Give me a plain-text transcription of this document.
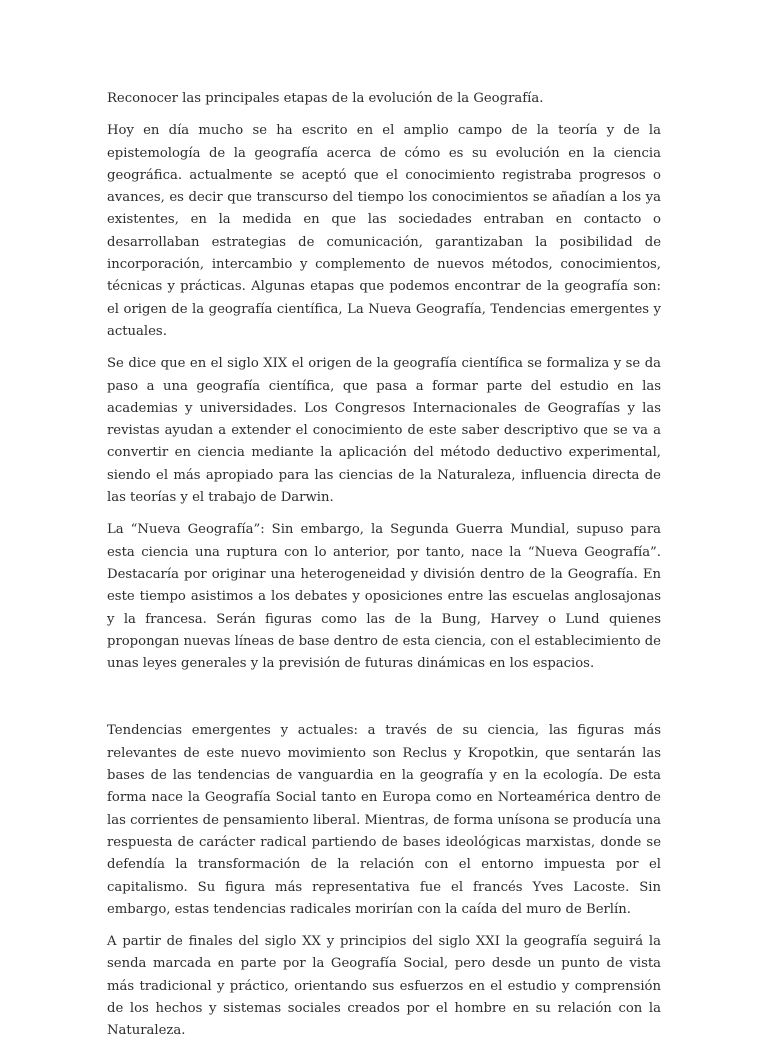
Reconocer las principales etapas de la evolución de la Geografía.

Hoy en día mucho se ha escrito en el amplio campo de la teoría y de la epistemología de la geografía acerca de cómo es su evolución en la ciencia geográfica. actualmente se aceptó que el conocimiento registraba progresos o avances, es decir que transcurso del tiempo los conocimientos se añadían a los ya existentes, en la medida en que las sociedades entraban en contacto o desarrollaban estrategias de comunicación, garantizaban la posibilidad de incorporación, intercambio y complemento de nuevos métodos, conocimientos, técnicas y prácticas. Algunas etapas que podemos encontrar de la geografía son: el origen de la geografía científica, La Nueva Geografía, Tendencias emergentes y actuales.

Se dice que en el siglo XIX el origen de la geografía científica se formaliza y se da paso a una geografía científica, que pasa a formar parte del estudio en las academias y universidades. Los Congresos Internacionales de Geografías y las revistas ayudan a extender el conocimiento de este saber descriptivo que se va a convertir en ciencia mediante la aplicación del método deductivo experimental, siendo el más apropiado para las ciencias de la Naturaleza, influencia directa de las teorías y el trabajo de Darwin.

La “Nueva Geografía”: Sin embargo, la Segunda Guerra Mundial, supuso para esta ciencia una ruptura con lo anterior, por tanto, nace la “Nueva Geografía”. Destacaría por originar una heterogeneidad y división dentro de la Geografía. En este tiempo asistimos a los debates y oposiciones entre las escuelas anglosajonas y la francesa. Serán figuras como las de la Bung, Harvey o Lund quienes propongan nuevas líneas de base dentro de esta ciencia, con el establecimiento de unas leyes generales y la previsión de futuras dinámicas en los espacios.

Tendencias emergentes y actuales: a través de su ciencia, las figuras más relevantes de este nuevo movimiento son Reclus y Kropotkin, que sentarán las bases de las tendencias de vanguardia en la geografía y en la ecología. De esta forma nace la Geografía Social tanto en Europa como en Norteamérica dentro de las corrientes de pensamiento liberal. Mientras, de forma unísona se producía una respuesta de carácter radical partiendo de bases ideológicas marxistas, donde se defendía la transformación de la relación con el entorno impuesta por el capitalismo. Su figura más representativa fue el francés Yves Lacoste. Sin embargo, estas tendencias radicales morirían con la caída del muro de Berlín.

A partir de finales del siglo XX y principios del siglo XXI la geografía seguirá la senda marcada en parte por la Geografía Social, pero desde un punto de vista más tradicional y práctico, orientando sus esfuerzos en el estudio y comprensión de los hechos y sistemas sociales creados por el hombre en su relación con la Naturaleza.
